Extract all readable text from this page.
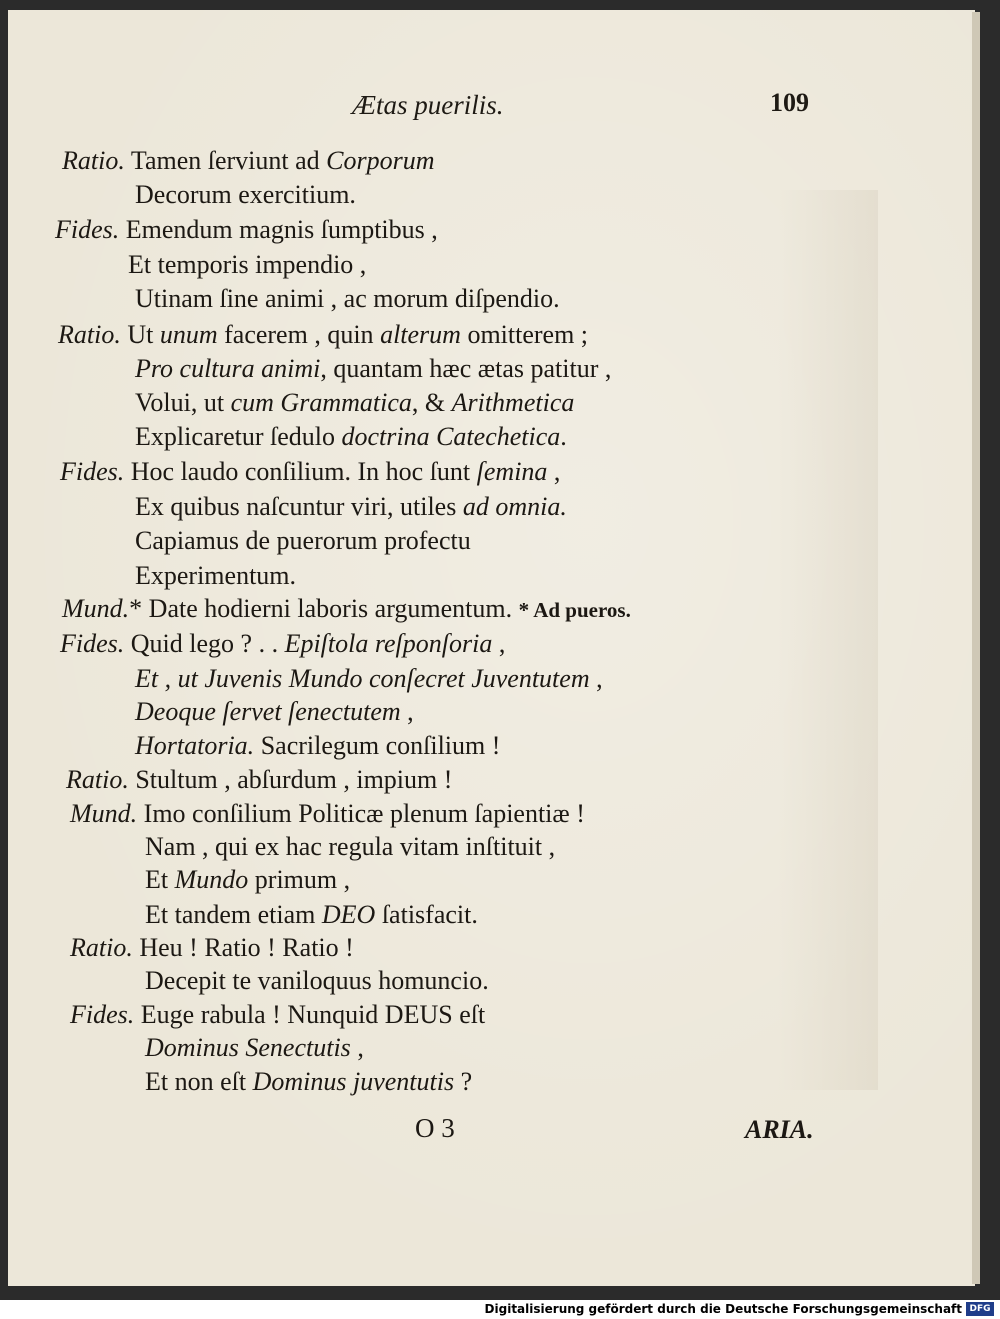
Ætas puerilis.	109
Ratio. Tamen ſerviunt ad Corporum
Decorum exercitium.
Fides. Emendum magnis ſumptibus ,
Et temporis impendio ,
Utinam ſine animi , ac morum diſpendio.
Ratio. Ut unum facerem , quin alterum omitterem ;
Pro cultura animi, quantam hæc ætas patitur ,
Volui, ut cum Grammatica, & Arithmetica
Explicaretur ſedulo doctrina Catechetica.
Fides. Hoc laudo conſilium. In hoc ſunt ſemina ,
Ex quibus naſcuntur viri, utiles ad omnia.
Capiamus de puerorum profectu
Experimentum.
Mund.* Date hodierni laboris argumentum. * Ad pueros.
Fides. Quid lego ? . . Epiſtola reſponſoria ,
Et , ut Juvenis Mundo conſecret Juventutem ,
Deoque ſervet ſenectutem ,
Hortatoria. Sacrilegum conſilium !
Ratio. Stultum , abſurdum , impium !
Mund. Imo conſilium Politicæ plenum ſapientiæ !
Nam , qui ex hac regula vitam inſtituit ,
Et Mundo primum ,
Et tandem etiam DEO ſatisfacit.
Ratio. Heu ! Ratio ! Ratio !
Decepit te vaniloquus homuncio.
Fides. Euge rabula ! Nunquid DEUS eſt
Dominus Senectutis ,
Et non eſt Dominus juventutis ?
O 3	ARIA.
Digitalisierung gefördert durch die Deutsche Forschungsgemeinschaft DFG
